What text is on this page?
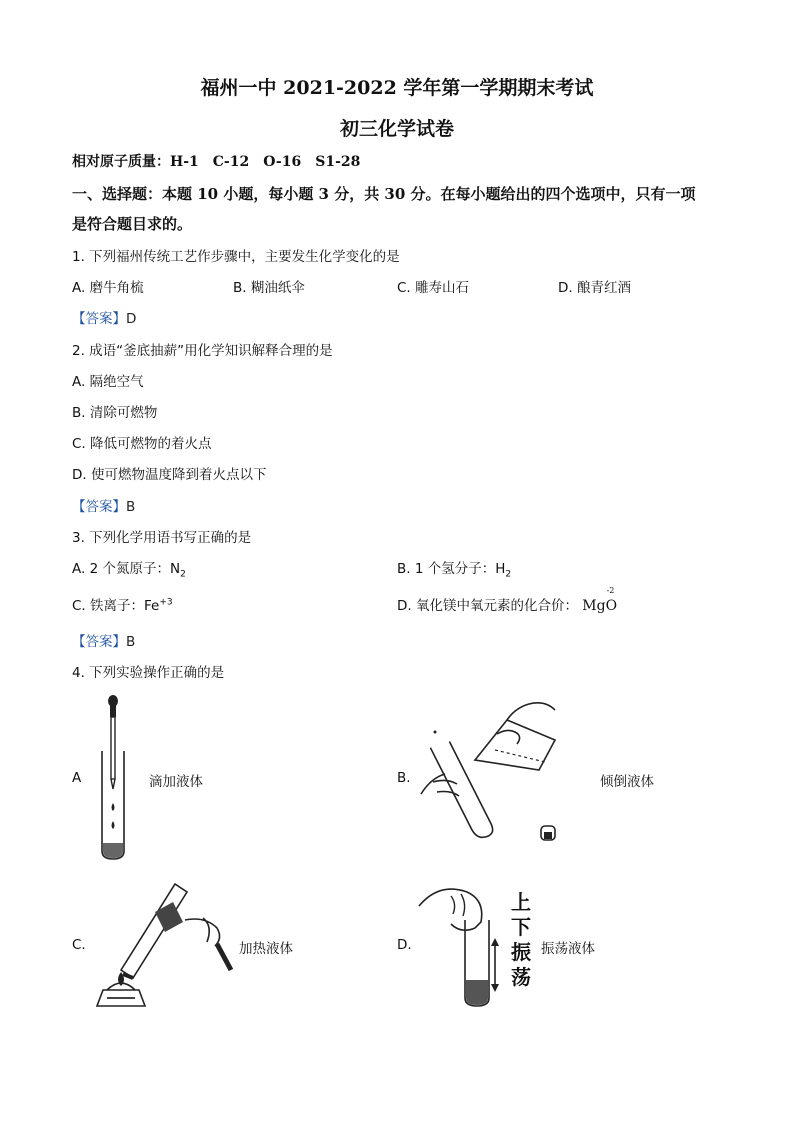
福州一中 2021-2022 学年第一学期期末考试
初三化学试卷
相对原子质量：H-1　C-12　O-16　S1-28
一、选择题：本题 10 小题，每小题 3 分，共 30 分。在每小题给出的四个选项中，只有一项
是符合题目求的。
1. 下列福州传统工艺作步骤中，主要发生化学变化的是
A. 磨牛角梳	B. 糊油纸伞	C. 雕寿山石	D. 酿青红酒
【答案】D
2. 成语“釜底抽薪”用化学知识解释合理的是
A. 隔绝空气
B. 清除可燃物
C. 降低可燃物的着火点
D. 使可燃物温度降到着火点以下
【答案】B
3. 下列化学用语书写正确的是
A. 2 个氮原子：$N_2$	B. 1 个氢分子：$H_2$
C. 铁离子：$Fe^{+3}$	D. 氧化镁中氧元素的化合价： Mg
-2
O
【答案】B
4. 下列实验操作正确的是
A	滴加液体	B.	倾倒液体
C.	加热液体	D.
上
下
振
荡
振荡液体
